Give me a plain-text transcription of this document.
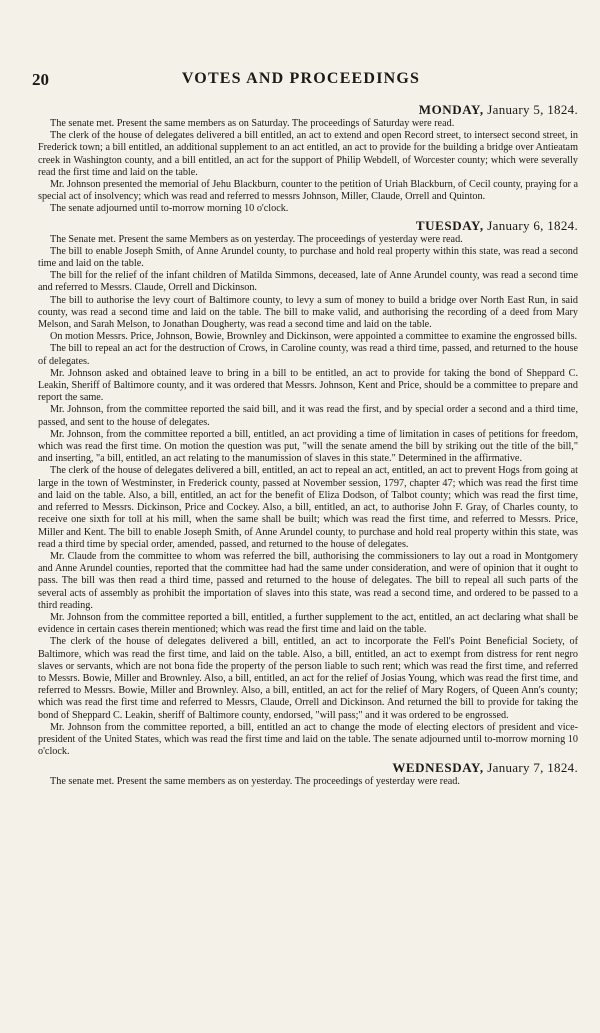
20	VOTES AND PROCEEDINGS
MONDAY, January 5, 1824.

The senate met. Present the same members as on Saturday. The proceedings of Saturday were read.

The clerk of the house of delegates delivered a bill entitled, an act to extend and open Record street, to intersect second street, in Frederick town; a bill entitled, an additional supplement to an act entitled, an act to provide for the building a bridge over Antieatam creek in Washington county, and a bill entitled, an act for the support of Philip Webdell, of Worcester county; which were severally read the first time and laid on the table.

Mr. Johnson presented the memorial of Jehu Blackburn, counter to the petition of Uriah Blackburn, of Cecil county, praying for a special act of insolvency; which was read and referred to messrs Johnson, Miller, Claude, Orrell and Quinton.

The senate adjourned until to-morrow morning 10 o'clock.

TUESDAY, January 6, 1824.

The Senate met. Present the same Members as on yesterday. The proceedings of yesterday were read.

The bill to enable Joseph Smith, of Anne Arundel county, to purchase and hold real property within this state, was read a second time and laid on the table.

The bill for the relief of the infant children of Matilda Simmons, deceased, late of Anne Arundel county, was read a second time and referred to Messrs. Claude, Orrell and Dickinson.

The bill to authorise the levy court of Baltimore county, to levy a sum of money to build a bridge over North East Run, in said county, was read a second time and laid on the table. The bill to make valid, and authorising the recording of a deed from Mary Melson, and Sarah Melson, to Jonathan Dougherty, was read a second time and laid on the table.

On motion Messrs. Price, Johnson, Bowie, Brownley and Dickinson, were appointed a committee to examine the engrossed bills.

The bill to repeal an act for the destruction of Crows, in Caroline county, was read a third time, passed, and returned to the house of delegates.

Mr. Johnson asked and obtained leave to bring in a bill to be entitled, an act to provide for taking the bond of Sheppard C. Leakin, Sheriff of Baltimore county, and it was ordered that Messrs. Johnson, Kent and Price, should be a committee to prepare and report the same.

Mr. Johnson, from the committee reported the said bill, and it was read the first, and by special order a second and a third time, passed, and sent to the house of delegates.

Mr. Johnson, from the committee reported a bill, entitled, an act providing a time of limitation in cases of petitions for freedom, which was read the first time. On motion the question was put, "will the senate amend the bill by striking out the title of the bill," and inserting, "a bill, entitled, an act relating to the manumission of slaves in this state." Determined in the affirmative.

The clerk of the house of delegates delivered a bill, entitled, an act to repeal an act, entitled, an act to prevent Hogs from going at large in the town of Westminster, in Frederick county, passed at November session, 1797, chapter 47; which was read the first time and laid on the table. Also, a bill, entitled, an act for the benefit of Eliza Dodson, of Talbot county; which was read the first time, and referred to Messrs. Dickinson, Price and Cockey. Also, a bill, entitled, an act, to authorise John F. Gray, of Charles county, to receive one sixth for toll at his mill, when the same shall be built; which was read the first time, and referred to Messrs. Price, Miller and Kent. The bill to enable Joseph Smith, of Anne Arundel county, to purchase and hold real property within this state, was read a third time by special order, amended, passed, and returned to the house of delegates.

Mr. Claude from the committee to whom was referred the bill, authorising the commissioners to lay out a road in Montgomery and Anne Arundel counties, reported that the committee had had the same under consideration, and were of opinion that it ought to pass. The bill was then read a third time, passed and returned to the house of delegates. The bill to repeal all such parts of the several acts of assembly as prohibit the importation of slaves into this state, was read a second time, and ordered to be passed to a third reading.

Mr. Johnson from the committee reported a bill, entitled, a further supplement to the act, entitled, an act declaring what shall be evidence in certain cases therein mentioned; which was read the first time and laid on the table.

The clerk of the house of delegates delivered a bill, entitled, an act to incorporate the Fell's Point Beneficial Society, of Baltimore, which was read the first time, and laid on the table. Also, a bill, entitled, an act to exempt from distress for rent negro slaves or servants, which are not bona fide the property of the person liable to such rent; which was read the first time, and referred to Messrs. Bowie, Miller and Brownley. Also, a bill, entitled, an act for the relief of Josias Young, which was read the first time, and referred to Messrs. Bowie, Miller and Brownley. Also, a bill, entitled, an act for the relief of Mary Rogers, of Queen Ann's county; which was read the first time and referred to Messrs, Claude, Orrell and Dickinson. And returned the bill to provide for taking the bond of Sheppard C. Leakin, sheriff of Baltimore county, endorsed, "will pass;" and it was ordered to be engrossed.

Mr. Johnson from the committee reported, a bill, entitled an act to change the mode of electing electors of president and vice-president of the United States, which was read the first time and laid on the table. The senate adjourned until to-morrow morning 10 o'clock.

WEDNESDAY, January 7, 1824.

The senate met. Present the same members as on yesterday. The proceedings of yesterday were read.
